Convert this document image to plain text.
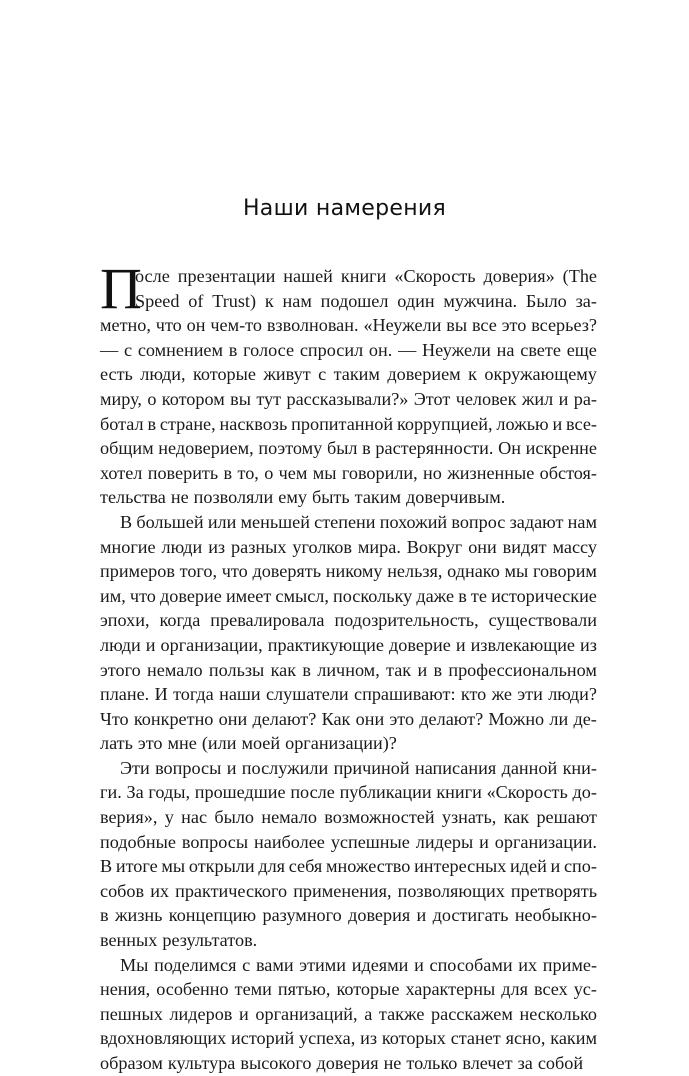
Наши намерения
П
осле презентации нашей книги «Скорость доверия» (The
Speed of Trust) к нам подошел один мужчина. Было за-
метно, что он чем-то взволнован. «Неужели вы все это всерьез?
— с сомнением в голосе спросил он. — Неужели на свете еще
есть люди, которые живут с таким доверием к окружающему
миру, о котором вы тут рассказывали?» Этот человек жил и ра-
ботал в стране, насквозь пропитанной коррупцией, ложью и все-
общим недоверием, поэтому был в растерянности. Он искренне
хотел поверить в то, о чем мы говорили, но жизненные обстоя-
тельства не позволяли ему быть таким доверчивым.
В большей или меньшей степени похожий вопрос задают нам
многие люди из разных уголков мира. Вокруг они видят массу
примеров того, что доверять никому нельзя, однако мы говорим
им, что доверие имеет смысл, поскольку даже в те исторические
эпохи, когда превалировала подозрительность, существовали
люди и организации, практикующие доверие и извлекающие из
этого немало пользы как в личном, так и в профессиональном
плане. И тогда наши слушатели спрашивают: кто же эти люди?
Что конкретно они делают? Как они это делают? Можно ли де-
лать это мне (или моей организации)?
Эти вопросы и послужили причиной написания данной кни-
ги. За годы, прошедшие после публикации книги «Скорость до-
верия», у нас было немало возможностей узнать, как решают
подобные вопросы наиболее успешные лидеры и организации.
В итоге мы открыли для себя множество интересных идей и спо-
собов их практического применения, позволяющих претворять
в жизнь концепцию разумного доверия и достигать необыкно-
венных результатов.
Мы поделимся с вами этими идеями и способами их приме-
нения, особенно теми пятью, которые характерны для всех ус-
пешных лидеров и организаций, а также расскажем несколько
вдохновляющих историй успеха, из которых станет ясно, каким
образом культура высокого доверия не только влечет за собой
